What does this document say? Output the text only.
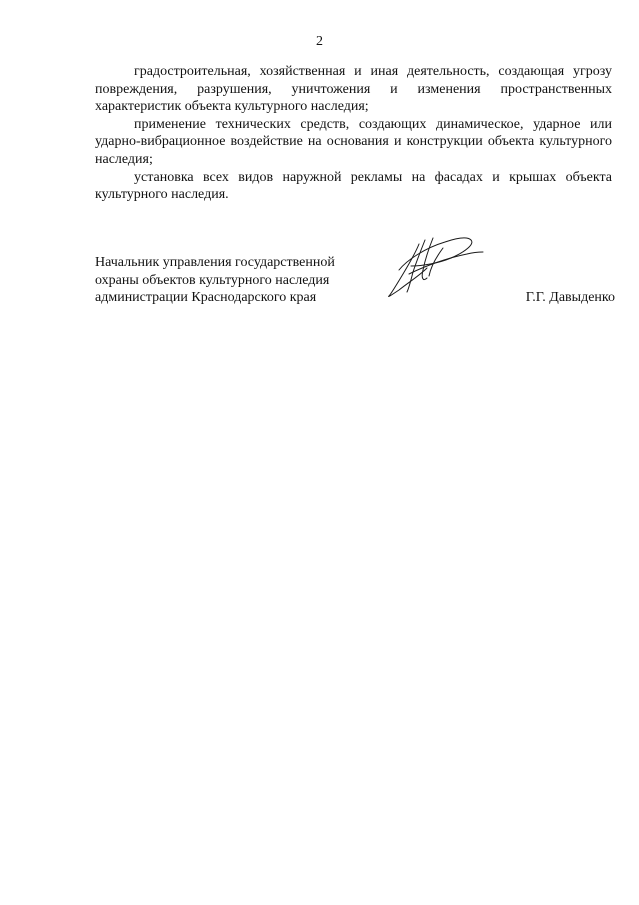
2

градостроительная, хозяйственная и иная деятельность, создающая угрозу повреждения, разрушения, уничтожения и изменения пространственных характеристик объекта культурного наследия;

применение технических средств, создающих динамическое, ударное или ударно-вибрационное воздействие на основания и конструкции объекта культурного наследия;

установка всех видов наружной рекламы на фасадах и крышах объекта культурного наследия.

Начальник управления государственной
охраны объектов культурного наследия
администрации Краснодарского края	Г.Г. Давыденко
